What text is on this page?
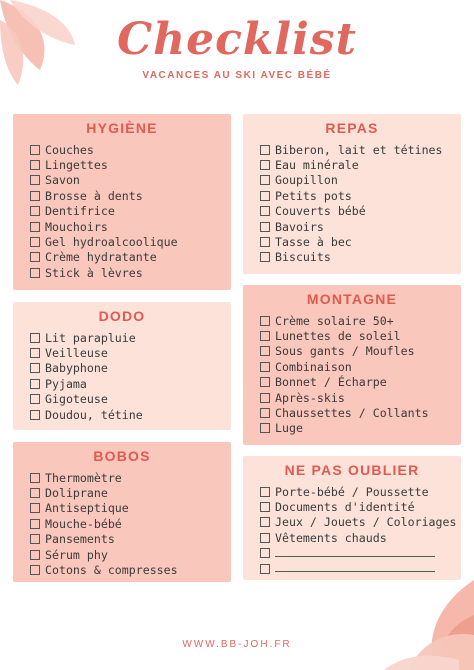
Checklist
VACANCES AU SKI AVEC BÉBÉ
HYGIÈNE
Couches
Lingettes
Savon
Brosse à dents
Dentifrice
Mouchoirs
Gel hydroalcoolique
Crème hydratante
Stick à lèvres
REPAS
Biberon, lait et tétines
Eau minérale
Goupillon
Petits pots
Couverts bébé
Bavoirs
Tasse à bec
Biscuits
DODO
Lit parapluie
Veilleuse
Babyphone
Pyjama
Gigoteuse
Doudou, tétine
MONTAGNE
Crème solaire 50+
Lunettes de soleil
Sous gants / Moufles
Combinaison
Bonnet / Écharpe
Après-skis
Chaussettes / Collants
Luge
BOBOS
Thermomètre
Doliprane
Antiseptique
Mouche-bébé
Pansements
Sérum phy
Cotons & compresses
NE PAS OUBLIER
Porte-bébé / Poussette
Documents d'identité
Jeux / Jouets / Coloriages
Vêtements chauds
WWW.BB-JOH.FR
